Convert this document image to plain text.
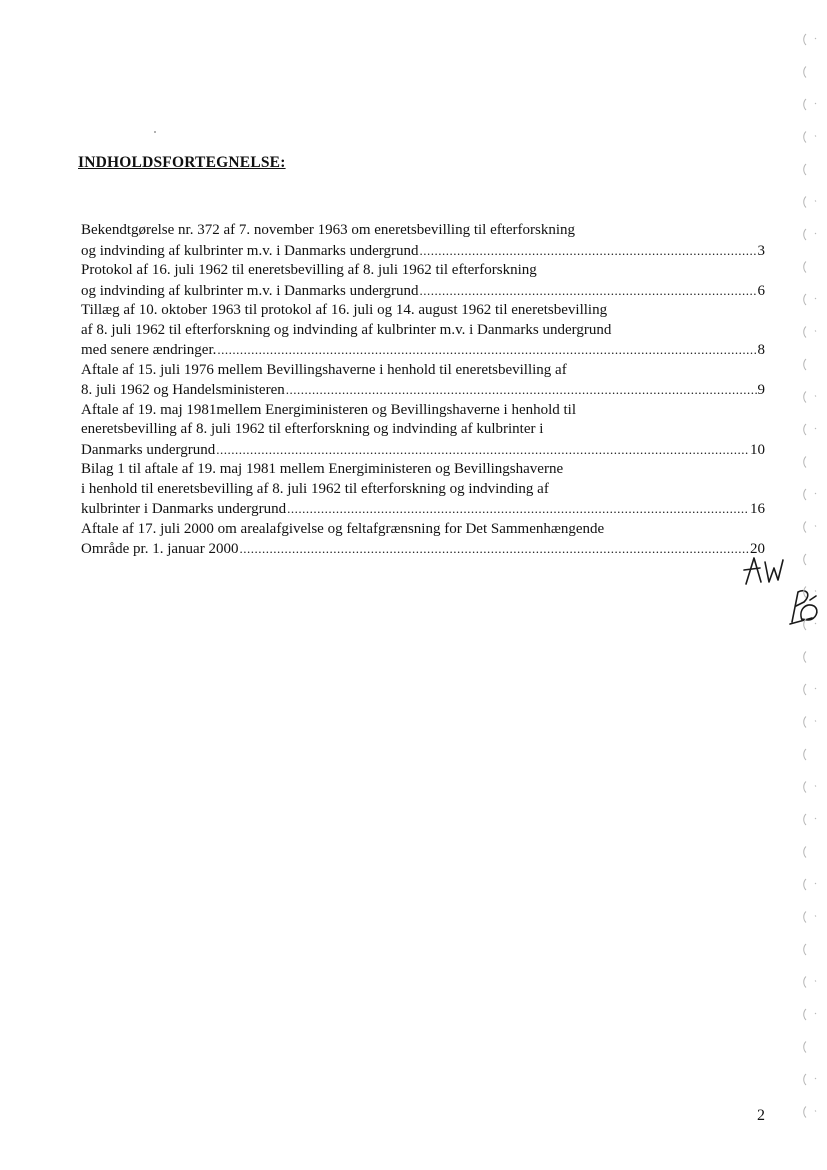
INDHOLDSFORTEGNELSE:
Bekendtgørelse nr. 372 af 7. november 1963 om eneretsbevilling til efterforskning
og indvinding af kulbrinter m.v. i Danmarks undergrund .....	3
Protokol af 16. juli 1962 til eneretsbevilling af 8. juli 1962 til efterforskning
og indvinding af kulbrinter m.v. i Danmarks undergrund .....	6
Tillæg af 10. oktober 1963 til protokol af 16. juli og 14. august 1962 til eneretsbevilling
af 8. juli 1962 til efterforskning og indvinding af kulbrinter m.v. i Danmarks undergrund
med senere ændringer. .....	8
Aftale af 15. juli 1976 mellem Bevillingshaverne i henhold til eneretsbevilling af
8. juli 1962 og Handelsministeren .....	9
Aftale af 19. maj 1981mellem Energiministeren og Bevillingshaverne i henhold til
eneretsbevilling af 8. juli 1962 til efterforskning og indvinding af kulbrinter i
Danmarks undergrund .....	10
Bilag 1 til aftale af 19. maj 1981 mellem Energiministeren og Bevillingshaverne
i henhold til eneretsbevilling af 8. juli 1962 til efterforskning og indvinding af
kulbrinter i Danmarks undergrund .....	16
Aftale af 17. juli 2000 om arealafgivelse og feltafgrænsning for Det Sammenhængende
Område pr. 1. januar 2000 .....	20
2
